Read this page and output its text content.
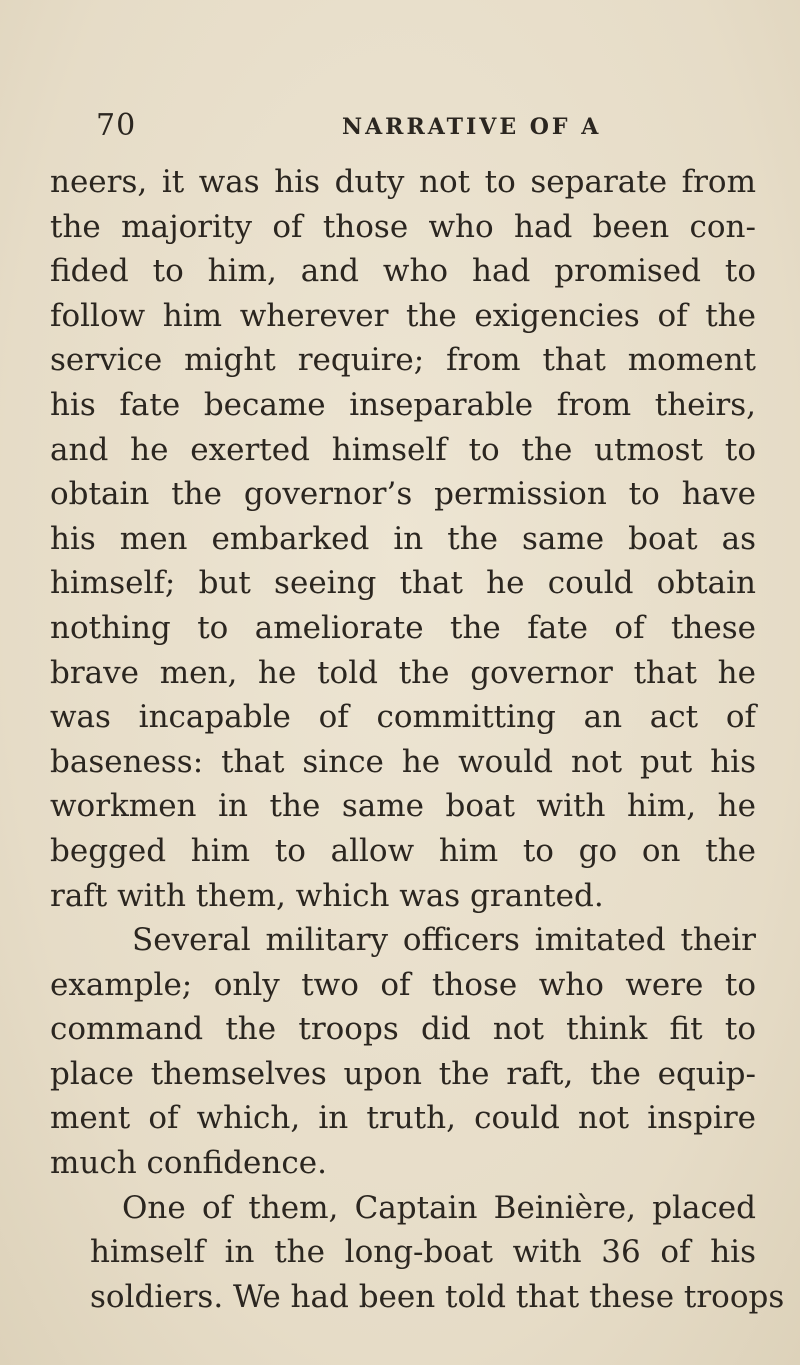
70	NARRATIVE OF A
neers, it was his duty not to separate from
the majority of those who had been con-
fided to him, and who had promised to
follow him wherever the exigencies of the
service might require; from that moment
his fate became inseparable from theirs,
and he exerted himself to the utmost to
obtain the governor’s permission to have
his men embarked in the same boat as
himself; but seeing that he could obtain
nothing to ameliorate the fate of these
brave men, he told the governor that he
was incapable of committing an act of
baseness: that since he would not put his
workmen in the same boat with him, he
begged him to allow him to go on the
raft with them, which was granted.
Several military officers imitated their
example; only two of those who were to
command the troops did not think fit to
place themselves upon the raft, the equip-
ment of which, in truth, could not inspire
much confidence.
One of them, Captain Beinière, placed
himself in the long-boat with 36 of his
soldiers. We had been told that these troops
